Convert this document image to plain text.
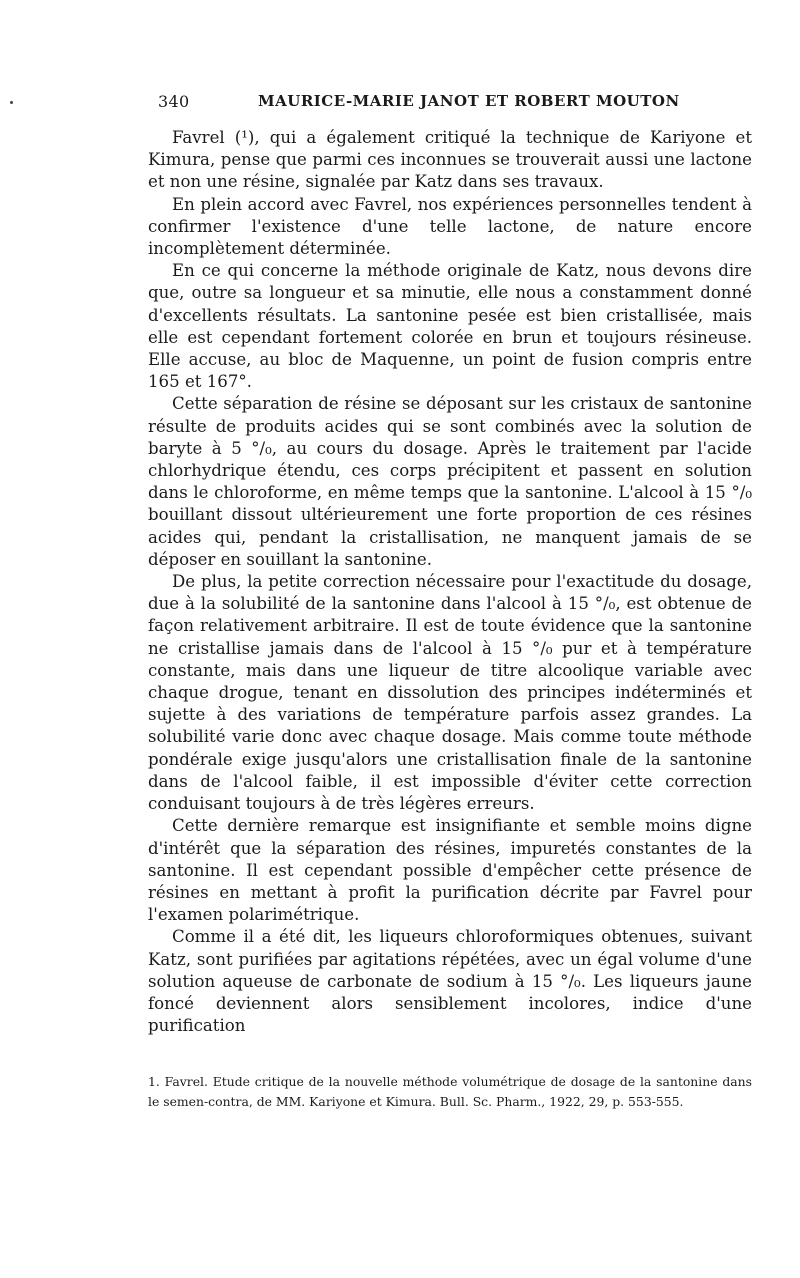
340	MAURICE-MARIE JANOT ET ROBERT MOUTON

Favrel (¹), qui a également critiqué la technique de Kariyone et Kimura, pense que parmi ces inconnues se trouverait aussi une lactone et non une résine, signalée par Katz dans ses travaux.

En plein accord avec Favrel, nos expériences personnelles tendent à confirmer l'existence d'une telle lactone, de nature encore incomplètement déterminée.

En ce qui concerne la méthode originale de Katz, nous devons dire que, outre sa longueur et sa minutie, elle nous a constamment donné d'excellents résultats. La santonine pesée est bien cristallisée, mais elle est cependant fortement colorée en brun et toujours résineuse. Elle accuse, au bloc de Maquenne, un point de fusion compris entre 165 et 167°.

Cette séparation de résine se déposant sur les cristaux de santonine résulte de produits acides qui se sont combinés avec la solution de baryte à 5 °/₀, au cours du dosage. Après le traitement par l'acide chlorhydrique étendu, ces corps précipitent et passent en solution dans le chloroforme, en même temps que la santonine. L'alcool à 15 °/₀ bouillant dissout ultérieurement une forte proportion de ces résines acides qui, pendant la cristallisation, ne manquent jamais de se déposer en souillant la santonine.

De plus, la petite correction nécessaire pour l'exactitude du dosage, due à la solubilité de la santonine dans l'alcool à 15 °/₀, est obtenue de façon relativement arbitraire. Il est de toute évidence que la santonine ne cristallise jamais dans de l'alcool à 15 °/₀ pur et à température constante, mais dans une liqueur de titre alcoolique variable avec chaque drogue, tenant en dissolution des principes indéterminés et sujette à des variations de température parfois assez grandes. La solubilité varie donc avec chaque dosage. Mais comme toute méthode pondérale exige jusqu'alors une cristallisation finale de la santonine dans de l'alcool faible, il est impossible d'éviter cette correction conduisant toujours à de très légères erreurs.

Cette dernière remarque est insignifiante et semble moins digne d'intérêt que la séparation des résines, impuretés constantes de la santonine. Il est cependant possible d'empêcher cette présence de résines en mettant à profit la purification décrite par Favrel pour l'examen polarimétrique.

Comme il a été dit, les liqueurs chloroformiques obtenues, suivant Katz, sont purifiées par agitations répétées, avec un égal volume d'une solution aqueuse de carbonate de sodium à 15 °/₀. Les liqueurs jaune foncé deviennent alors sensiblement incolores, indice d'une purification

1. Favrel. Etude critique de la nouvelle méthode volumétrique de dosage de la santonine dans le semen-contra, de MM. Kariyone et Kimura. Bull. Sc. Pharm., 1922, 29, p. 553-555.
